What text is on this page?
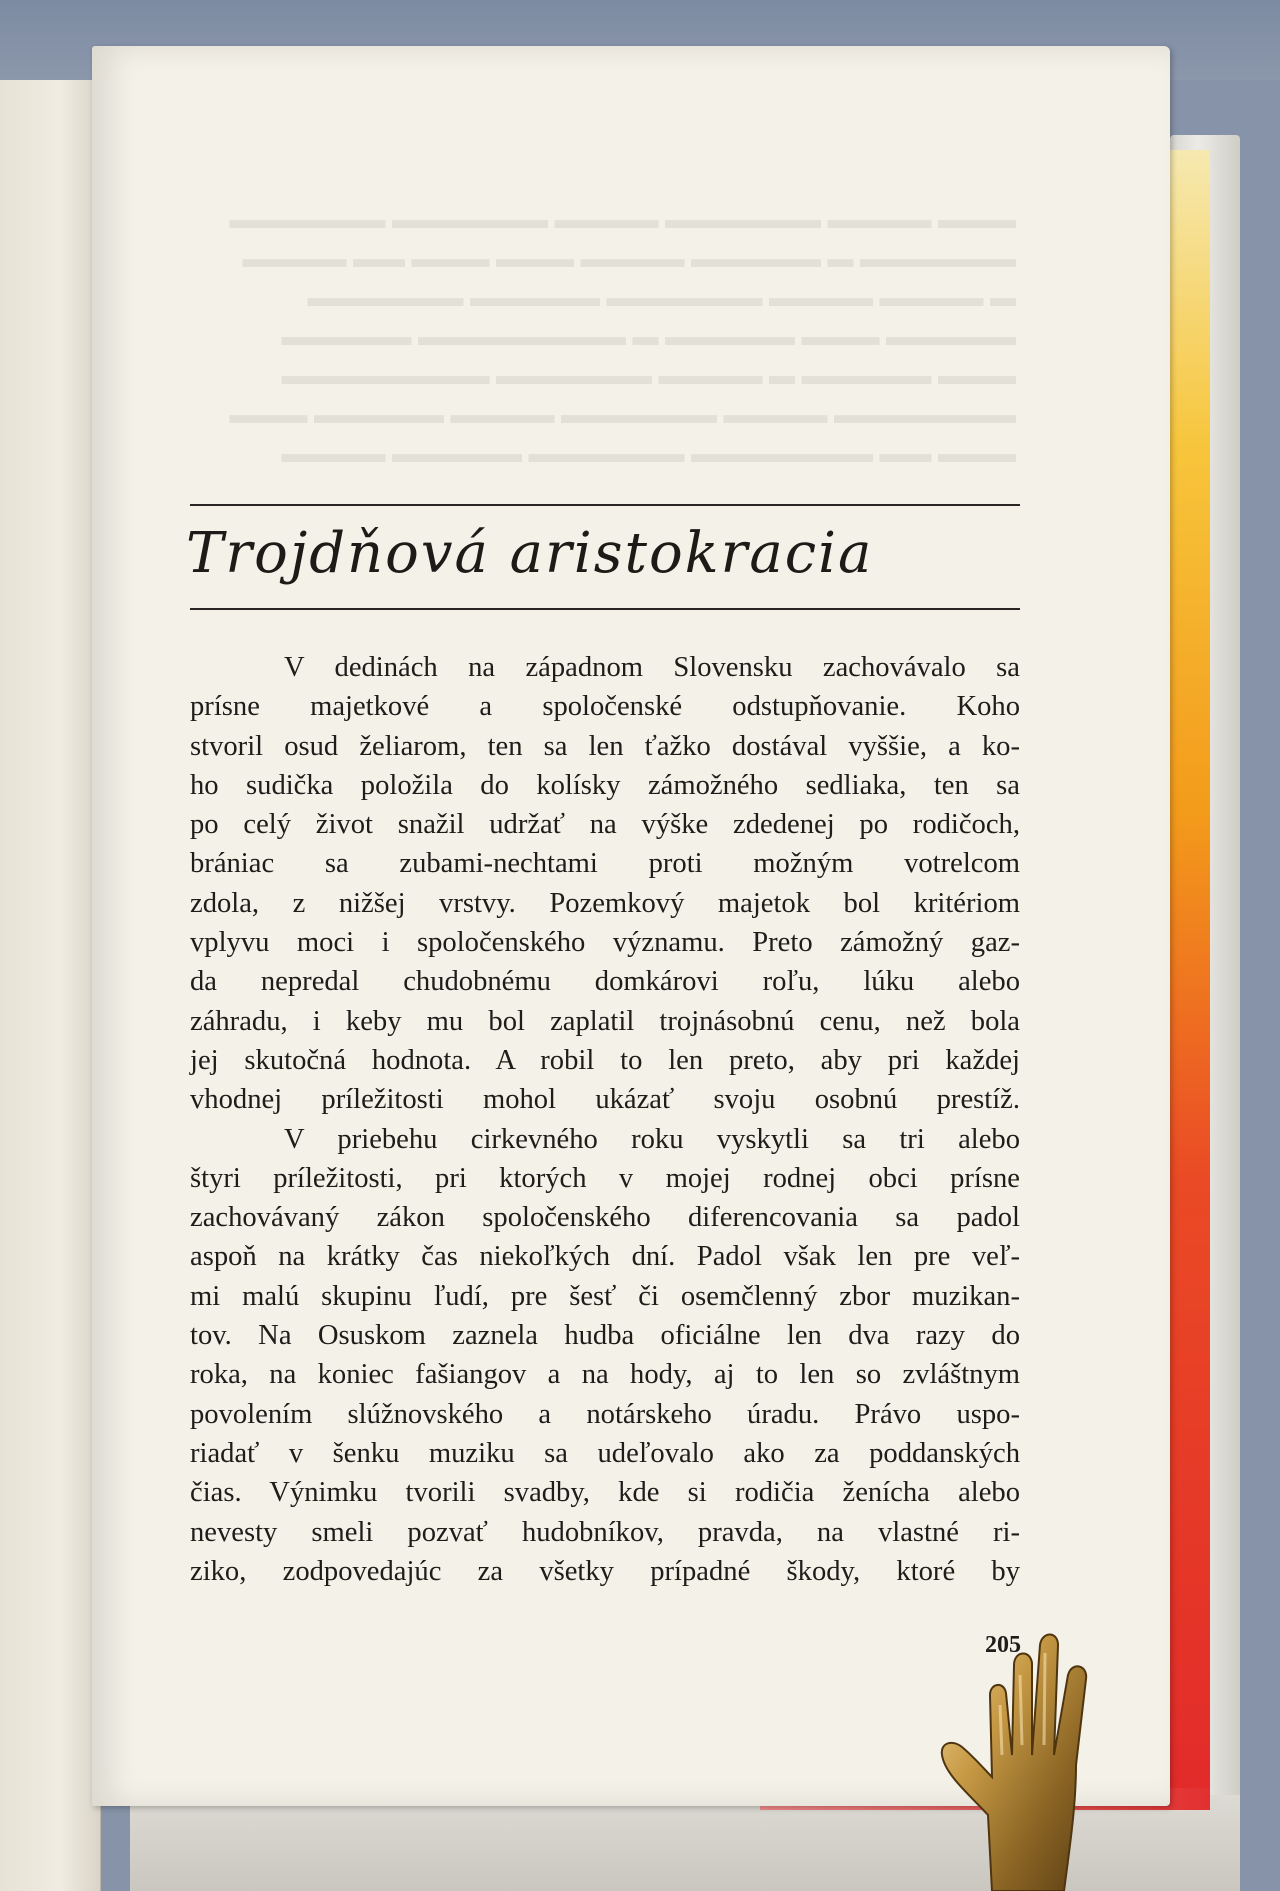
▬▬▬ ▬▬▬▬ ▬▬▬▬▬▬ ▬▬▬▬ ▬▬▬▬▬▬ ▬▬▬▬▬▬
▬▬▬▬▬▬ ▬ ▬▬▬▬▬ ▬▬▬▬ ▬▬▬ ▬▬▬ ▬▬ ▬▬▬▬
▬ ▬▬▬▬ ▬▬▬▬ ▬▬▬▬▬▬ ▬▬▬▬▬ ▬▬▬▬▬▬
▬▬▬▬▬ ▬▬▬ ▬▬▬▬▬ ▬ ▬▬▬▬▬▬▬▬ ▬▬▬▬▬
▬▬▬ ▬▬▬▬▬ ▬ ▬▬▬▬ ▬▬▬▬▬▬ ▬▬▬▬▬▬▬▬
▬▬▬▬▬▬▬ ▬▬▬▬ ▬▬▬▬▬▬ ▬▬▬▬ ▬▬▬▬▬ ▬▬▬
▬▬▬ ▬▬ ▬▬▬▬▬▬▬ ▬▬▬▬▬▬ ▬▬▬▬▬ ▬▬▬▬
Trojdňová aristokracia
V dedinách na západnom Slovensku zachovávalo sa
prísne majetkové a spoločenské odstupňovanie. Koho
stvoril osud želiarom, ten sa len ťažko dostával vyššie, a ko-
ho sudička položila do kolísky zámožného sedliaka, ten sa
po celý život snažil udržať na výške zdedenej po rodičoch,
brániac sa zubami-nechtami proti možným votrelcom
zdola, z nižšej vrstvy. Pozemkový majetok bol kritériom
vplyvu moci i spoločenského významu. Preto zámožný gaz-
da nepredal chudobnému domkárovi roľu, lúku alebo
záhradu, i keby mu bol zaplatil trojnásobnú cenu, než bola
jej skutočná hodnota. A robil to len preto, aby pri každej
vhodnej príležitosti mohol ukázať svoju osobnú prestíž.
V priebehu cirkevného roku vyskytli sa tri alebo
štyri príležitosti, pri ktorých v mojej rodnej obci prísne
zachovávaný zákon spoločenského diferencovania sa padol
aspoň na krátky čas niekoľkých dní. Padol však len pre veľ-
mi malú skupinu ľudí, pre šesť či osemčlenný zbor muzikan-
tov. Na Osuskom zaznela hudba oficiálne len dva razy do
roka, na koniec fašiangov a na hody, aj to len so zvláštnym
povolením slúžnovského a notárskeho úradu. Právo uspo-
riadať v šenku muziku sa udeľovalo ako za poddanských
čias. Výnimku tvorili svadby, kde si rodičia ženícha alebo
nevesty smeli pozvať hudobníkov, pravda, na vlastné ri-
ziko, zodpovedajúc za všetky prípadné škody, ktoré by
205
